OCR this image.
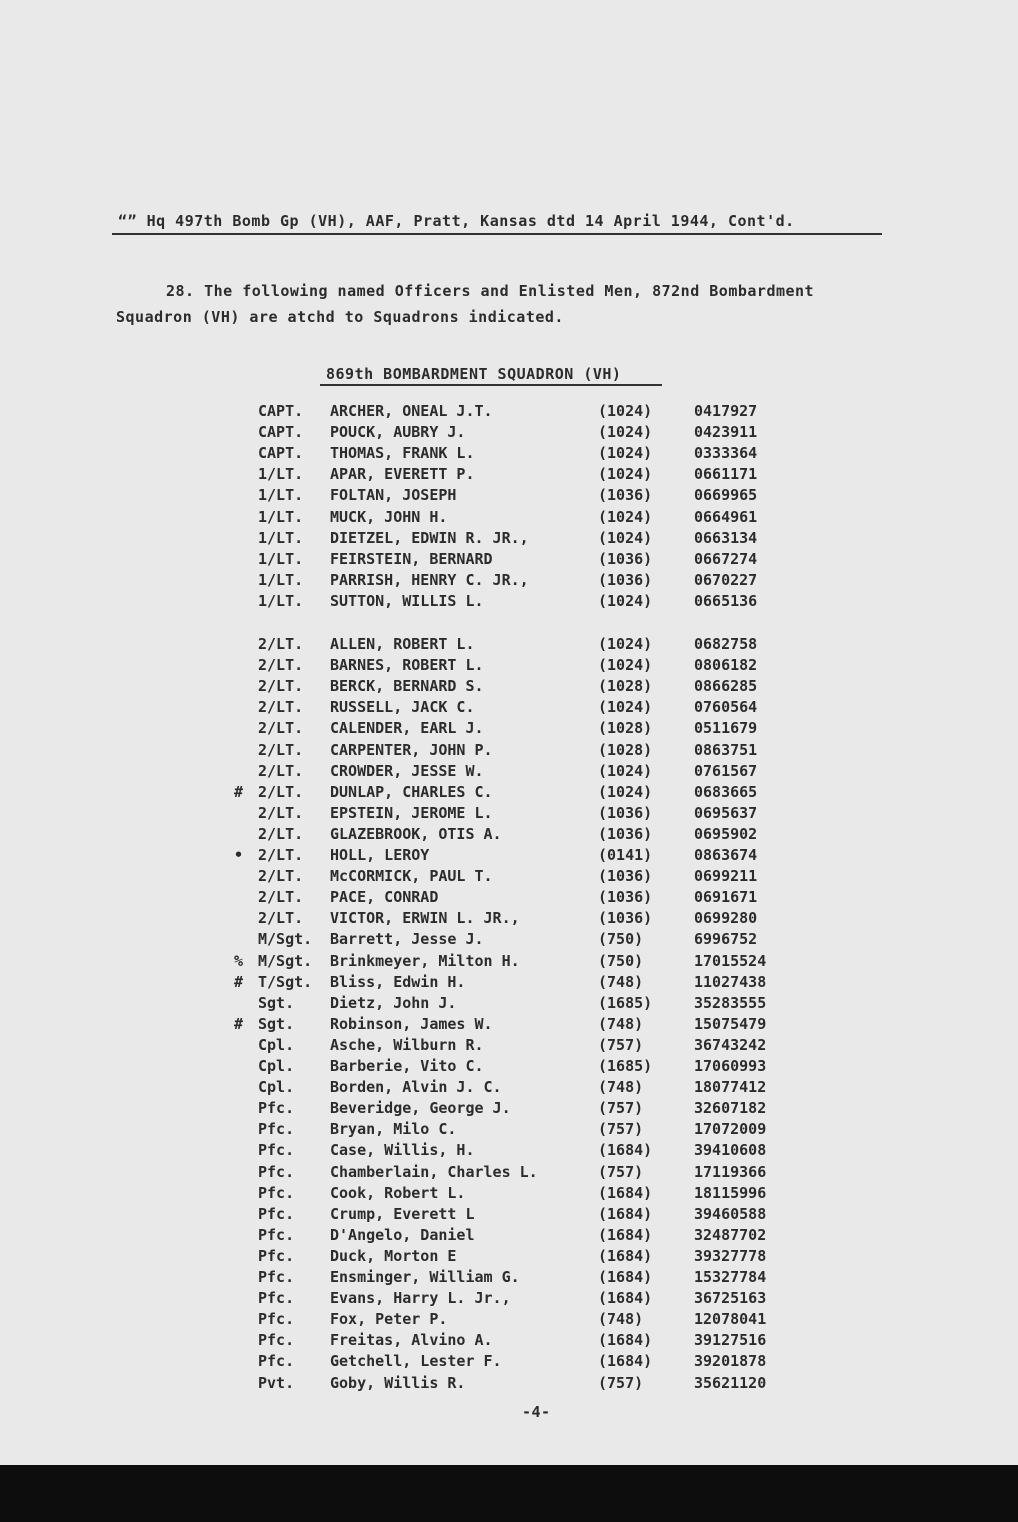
“” Hq 497th Bomb Gp (VH), AAF, Pratt, Kansas dtd 14 April 1944, Cont'd.
28. The following named Officers and Enlisted Men, 872nd Bombardment
Squadron (VH) are atchd to Squadrons indicated.
869th BOMBARDMENT SQUADRON (VH)
CAPT. ARCHER, ONEAL J.T.	(1024)	0417927
CAPT. POUCK, AUBRY J.	(1024)	0423911
CAPT. THOMAS, FRANK L.	(1024)	0333364
1/LT. APAR, EVERETT P.	(1024)	0661171
1/LT. FOLTAN, JOSEPH	(1036)	0669965
1/LT. MUCK, JOHN H.	(1024)	0664961
1/LT. DIETZEL, EDWIN R. JR.,	(1024)	0663134
1/LT. FEIRSTEIN, BERNARD	(1036)	0667274
1/LT. PARRISH, HENRY C. JR.,	(1036)	0670227
1/LT. SUTTON, WILLIS L.	(1024)	0665136
2/LT. ALLEN, ROBERT L.	(1024)	0682758
2/LT. BARNES, ROBERT L.	(1024)	0806182
2/LT. BERCK, BERNARD S.	(1028)	0866285
2/LT. RUSSELL, JACK C.	(1024)	0760564
2/LT. CALENDER, EARL J.	(1028)	0511679
2/LT. CARPENTER, JOHN P.	(1028)	0863751
2/LT. CROWDER, JESSE W.	(1024)	0761567
# 2/LT. DUNLAP, CHARLES C.	(1024)	0683665
2/LT. EPSTEIN, JEROME L.	(1036)	0695637
2/LT. GLAZEBROOK, OTIS A.	(1036)	0695902
• 2/LT. HOLL, LEROY	(0141)	0863674
2/LT. McCORMICK, PAUL T.	(1036)	0699211
2/LT. PACE, CONRAD	(1036)	0691671
2/LT. VICTOR, ERWIN L. JR.,	(1036)	0699280
M/Sgt. Barrett, Jesse J.	(750)	6996752
% M/Sgt. Brinkmeyer, Milton H.	(750)	17015524
# T/Sgt. Bliss, Edwin H.	(748)	11027438
Sgt. Dietz, John J.	(1685)	35283555
# Sgt. Robinson, James W.	(748)	15075479
Cpl. Asche, Wilburn R.	(757)	36743242
Cpl. Barberie, Vito C.	(1685)	17060993
Cpl. Borden, Alvin J. C.	(748)	18077412
Pfc. Beveridge, George J.	(757)	32607182
Pfc. Bryan, Milo C.	(757)	17072009
Pfc. Case, Willis, H.	(1684)	39410608
Pfc. Chamberlain, Charles L.	(757)	17119366
Pfc. Cook, Robert L.	(1684)	18115996
Pfc. Crump, Everett L	(1684)	39460588
Pfc. D'Angelo, Daniel	(1684)	32487702
Pfc. Duck, Morton E	(1684)	39327778
Pfc. Ensminger, William G.	(1684)	15327784
Pfc. Evans, Harry L. Jr.,	(1684)	36725163
Pfc. Fox, Peter P.	(748)	12078041
Pfc. Freitas, Alvino A.	(1684)	39127516
Pfc. Getchell, Lester F.	(1684)	39201878
Pvt. Goby, Willis R.	(757)	35621120
-4-
